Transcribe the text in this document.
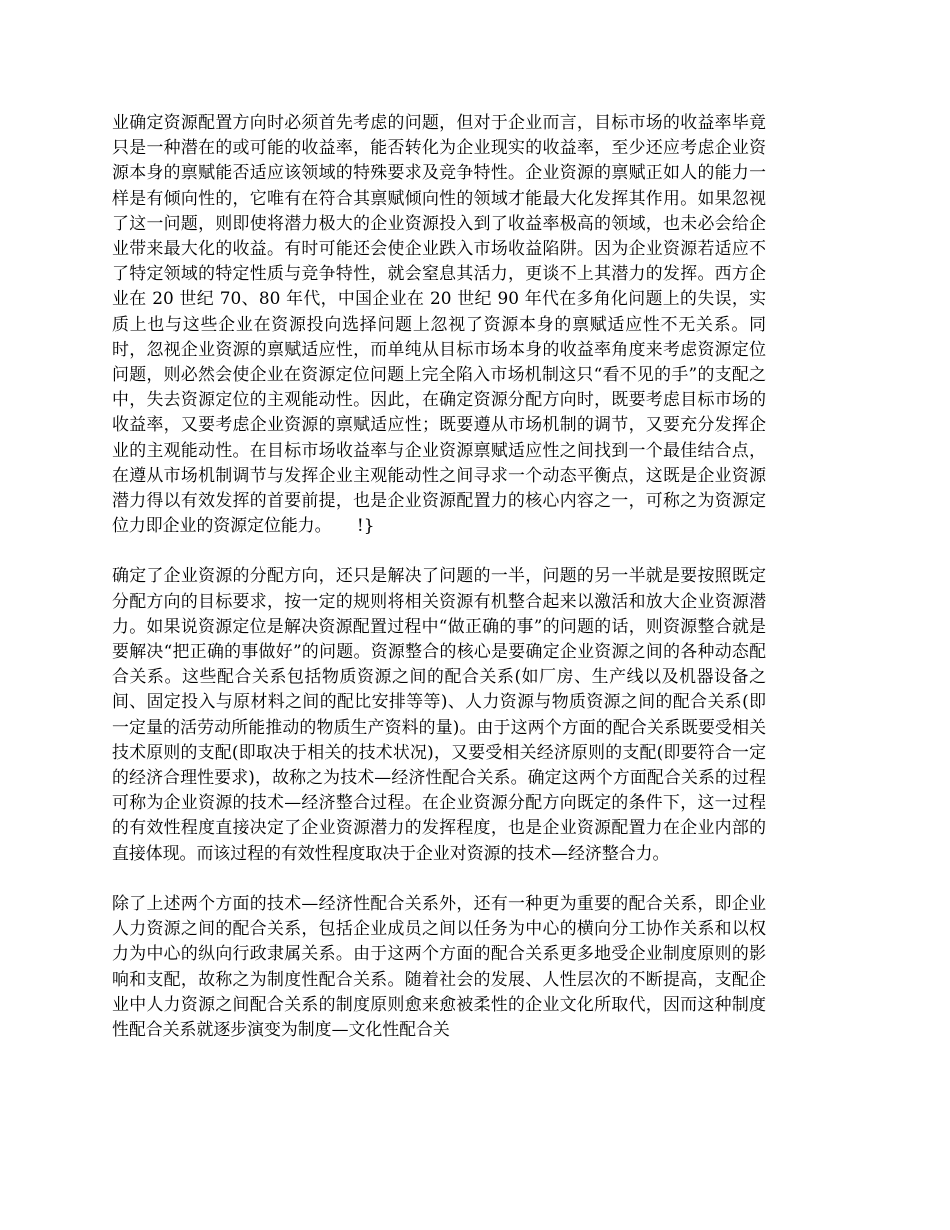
业确定资源配置方向时必须首先考虑的问题，但对于企业而言，目标市场的收益率毕竟只是一种潜在的或可能的收益率，能否转化为企业现实的收益率，至少还应考虑企业资源本身的禀赋能否适应该领域的特殊要求及竞争特性。企业资源的禀赋正如人的能力一样是有倾向性的，它唯有在符合其禀赋倾向性的领域才能最大化发挥其作用。如果忽视了这一问题，则即使将潜力极大的企业资源投入到了收益率极高的领域，也未必会给企业带来最大化的收益。有时可能还会使企业跌入市场收益陷阱。因为企业资源若适应不了特定领域的特定性质与竞争特性，就会窒息其活力，更谈不上其潜力的发挥。西方企业在 20 世纪 70、80 年代，中国企业在 20 世纪 90 年代在多角化问题上的失误，实质上也与这些企业在资源投向选择问题上忽视了资源本身的禀赋适应性不无关系。同时，忽视企业资源的禀赋适应性，而单纯从目标市场本身的收益率角度来考虑资源定位问题，则必然会使企业在资源定位问题上完全陷入市场机制这只“看不见的手”的支配之中，失去资源定位的主观能动性。因此，在确定资源分配方向时，既要考虑目标市场的收益率，又要考虑企业资源的禀赋适应性；既要遵从市场机制的调节，又要充分发挥企业的主观能动性。在目标市场收益率与企业资源禀赋适应性之间找到一个最佳结合点，在遵从市场机制调节与发挥企业主观能动性之间寻求一个动态平衡点，这既是企业资源潜力得以有效发挥的首要前提，也是企业资源配置力的核心内容之一，可称之为资源定位力即企业的资源定位能力。　　!}

确定了企业资源的分配方向，还只是解决了问题的一半，问题的另一半就是要按照既定分配方向的目标要求，按一定的规则将相关资源有机整合起来以激活和放大企业资源潜力。如果说资源定位是解决资源配置过程中“做正确的事”的问题的话，则资源整合就是要解决“把正确的事做好”的问题。资源整合的核心是要确定企业资源之间的各种动态配合关系。这些配合关系包括物质资源之间的配合关系(如厂房、生产线以及机器设备之间、固定投入与原材料之间的配比安排等等)、人力资源与物质资源之间的配合关系(即一定量的活劳动所能推动的物质生产资料的量)。由于这两个方面的配合关系既要受相关技术原则的支配(即取决于相关的技术状况)，又要受相关经济原则的支配(即要符合一定的经济合理性要求)，故称之为技术—经济性配合关系。确定这两个方面配合关系的过程可称为企业资源的技术—经济整合过程。在企业资源分配方向既定的条件下，这一过程的有效性程度直接决定了企业资源潜力的发挥程度，也是企业资源配置力在企业内部的直接体现。而该过程的有效性程度取决于企业对资源的技术—经济整合力。

除了上述两个方面的技术—经济性配合关系外，还有一种更为重要的配合关系，即企业人力资源之间的配合关系，包括企业成员之间以任务为中心的横向分工协作关系和以权力为中心的纵向行政隶属关系。由于这两个方面的配合关系更多地受企业制度原则的影响和支配，故称之为制度性配合关系。随着社会的发展、人性层次的不断提高，支配企业中人力资源之间配合关系的制度原则愈来愈被柔性的企业文化所取代，因而这种制度性配合关系就逐步演变为制度—文化性配合关
